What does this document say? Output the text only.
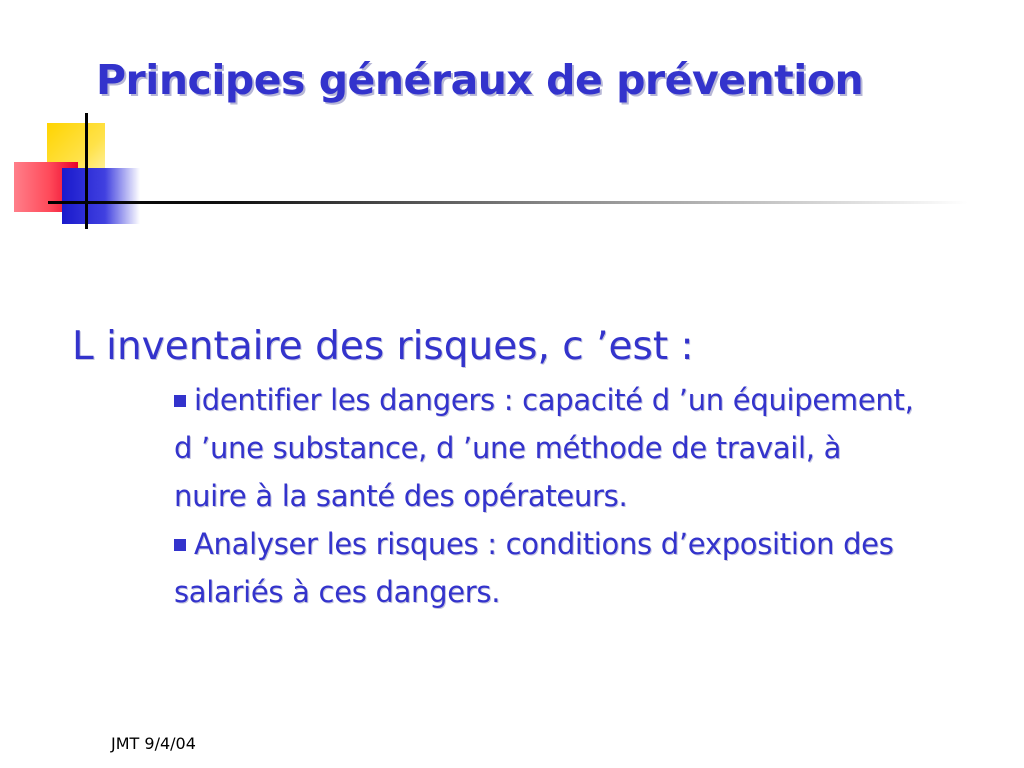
Principes généraux de prévention

L inventaire des risques, c ’est :

identifier les dangers : capacité d ’un équipement, d ’une substance, d ’une méthode de travail, à nuire à la santé des opérateurs.

Analyser les risques : conditions d’exposition des salariés à ces dangers.

JMT 9/4/04
